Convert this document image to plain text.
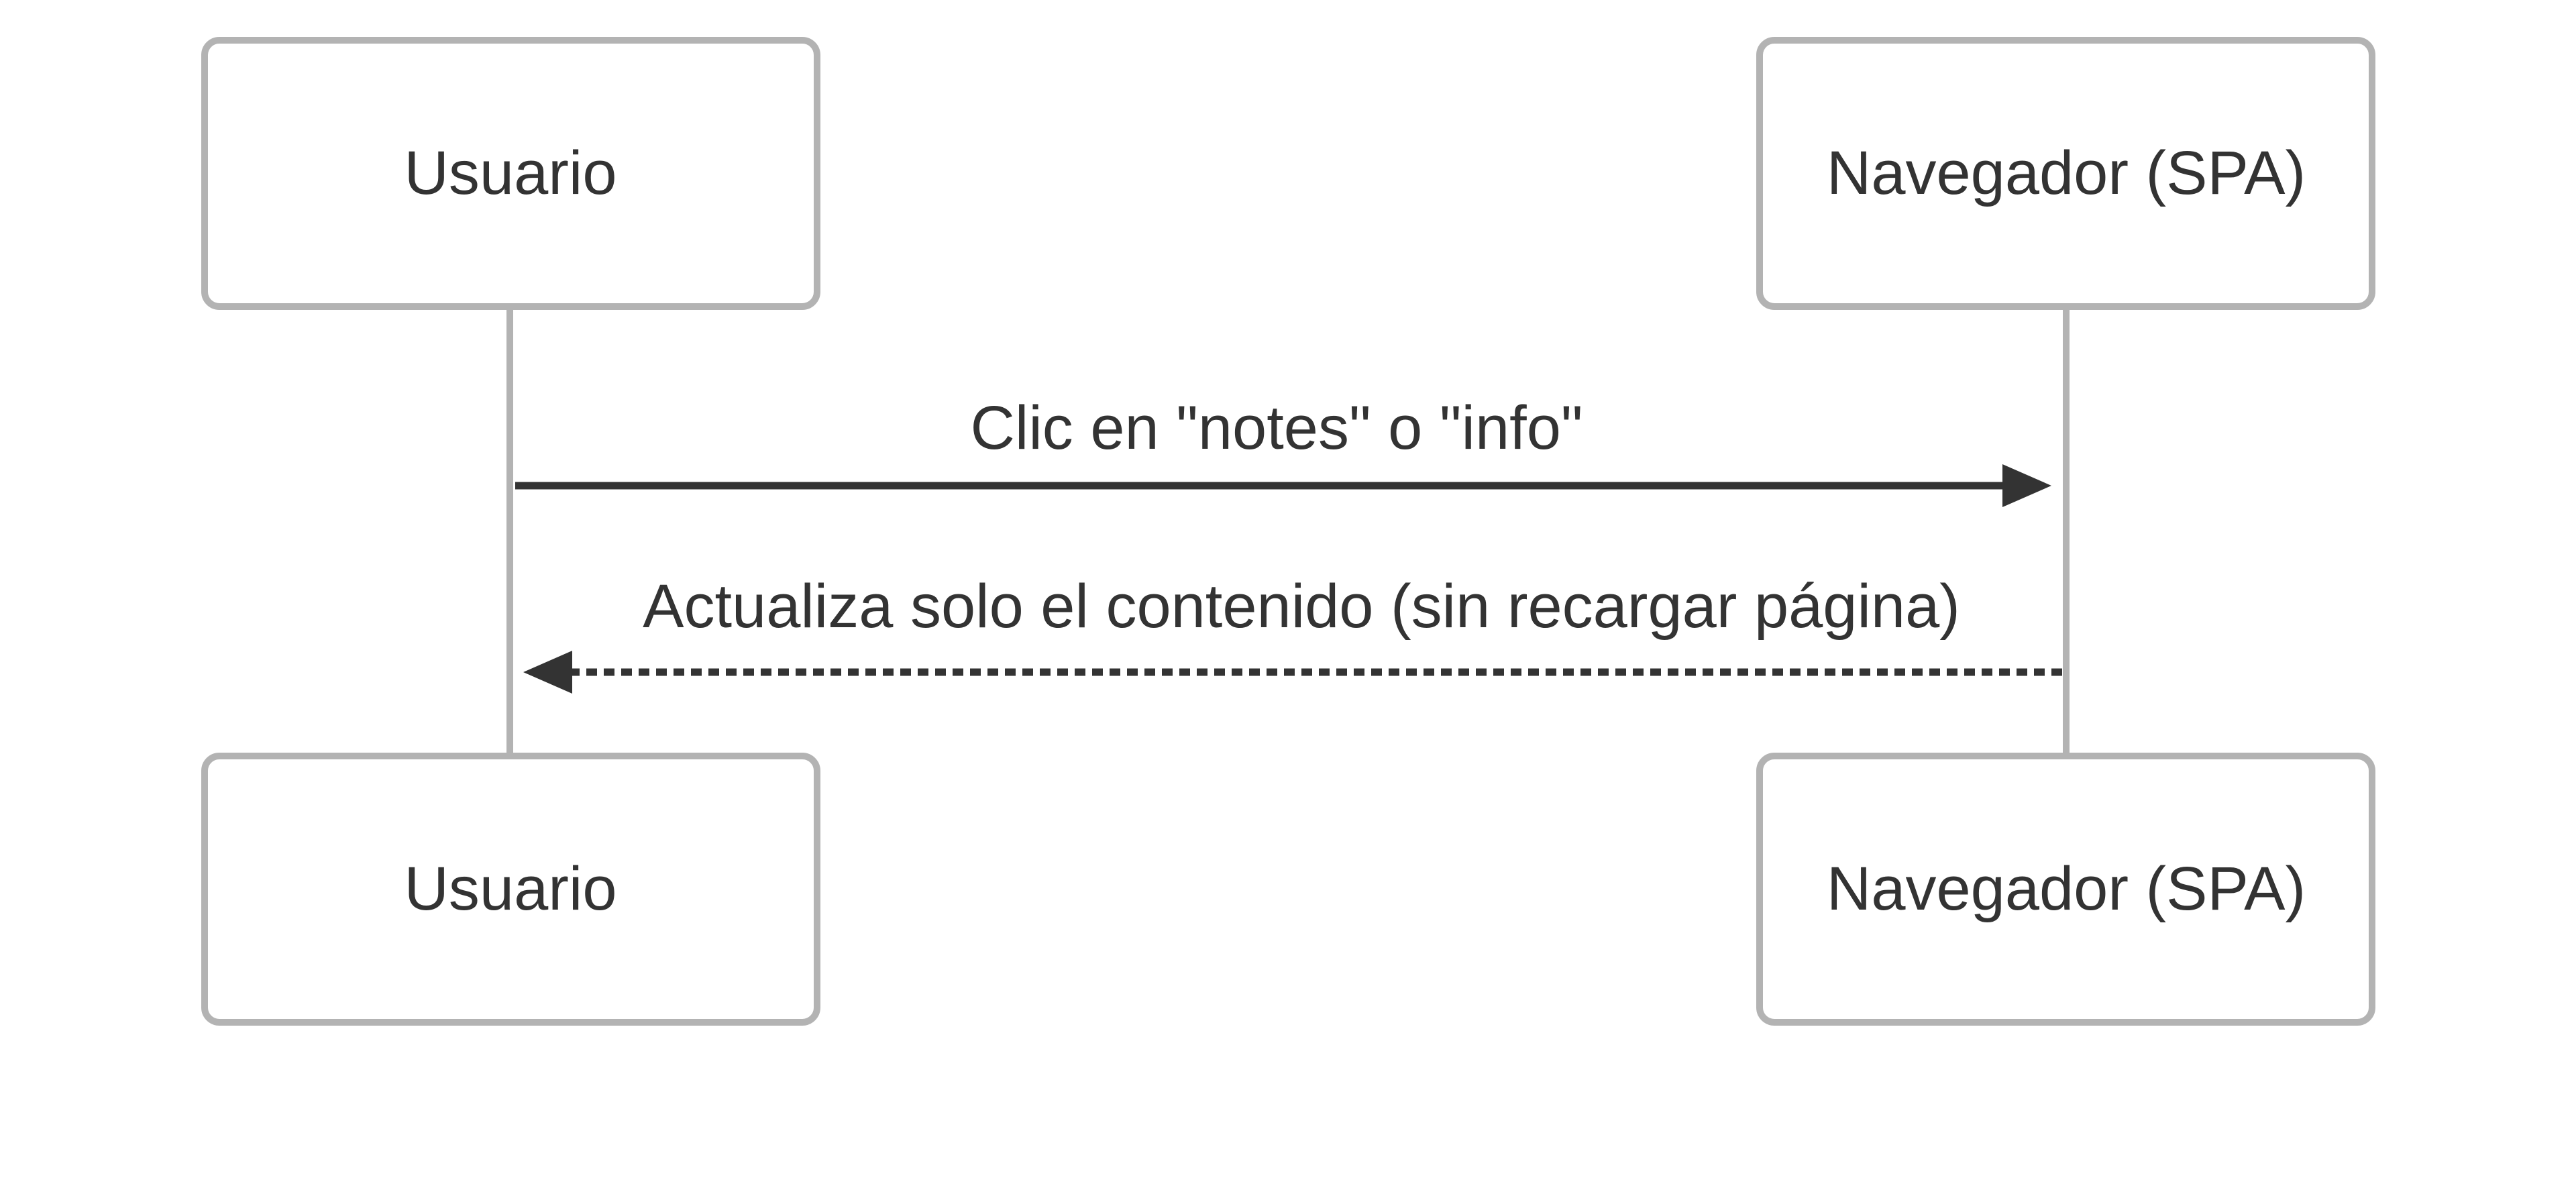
Usuario	Navegador (SPA)
Clic en "notes" o "info"
Actualiza solo el contenido (sin recargar página)
Usuario	Navegador (SPA)
